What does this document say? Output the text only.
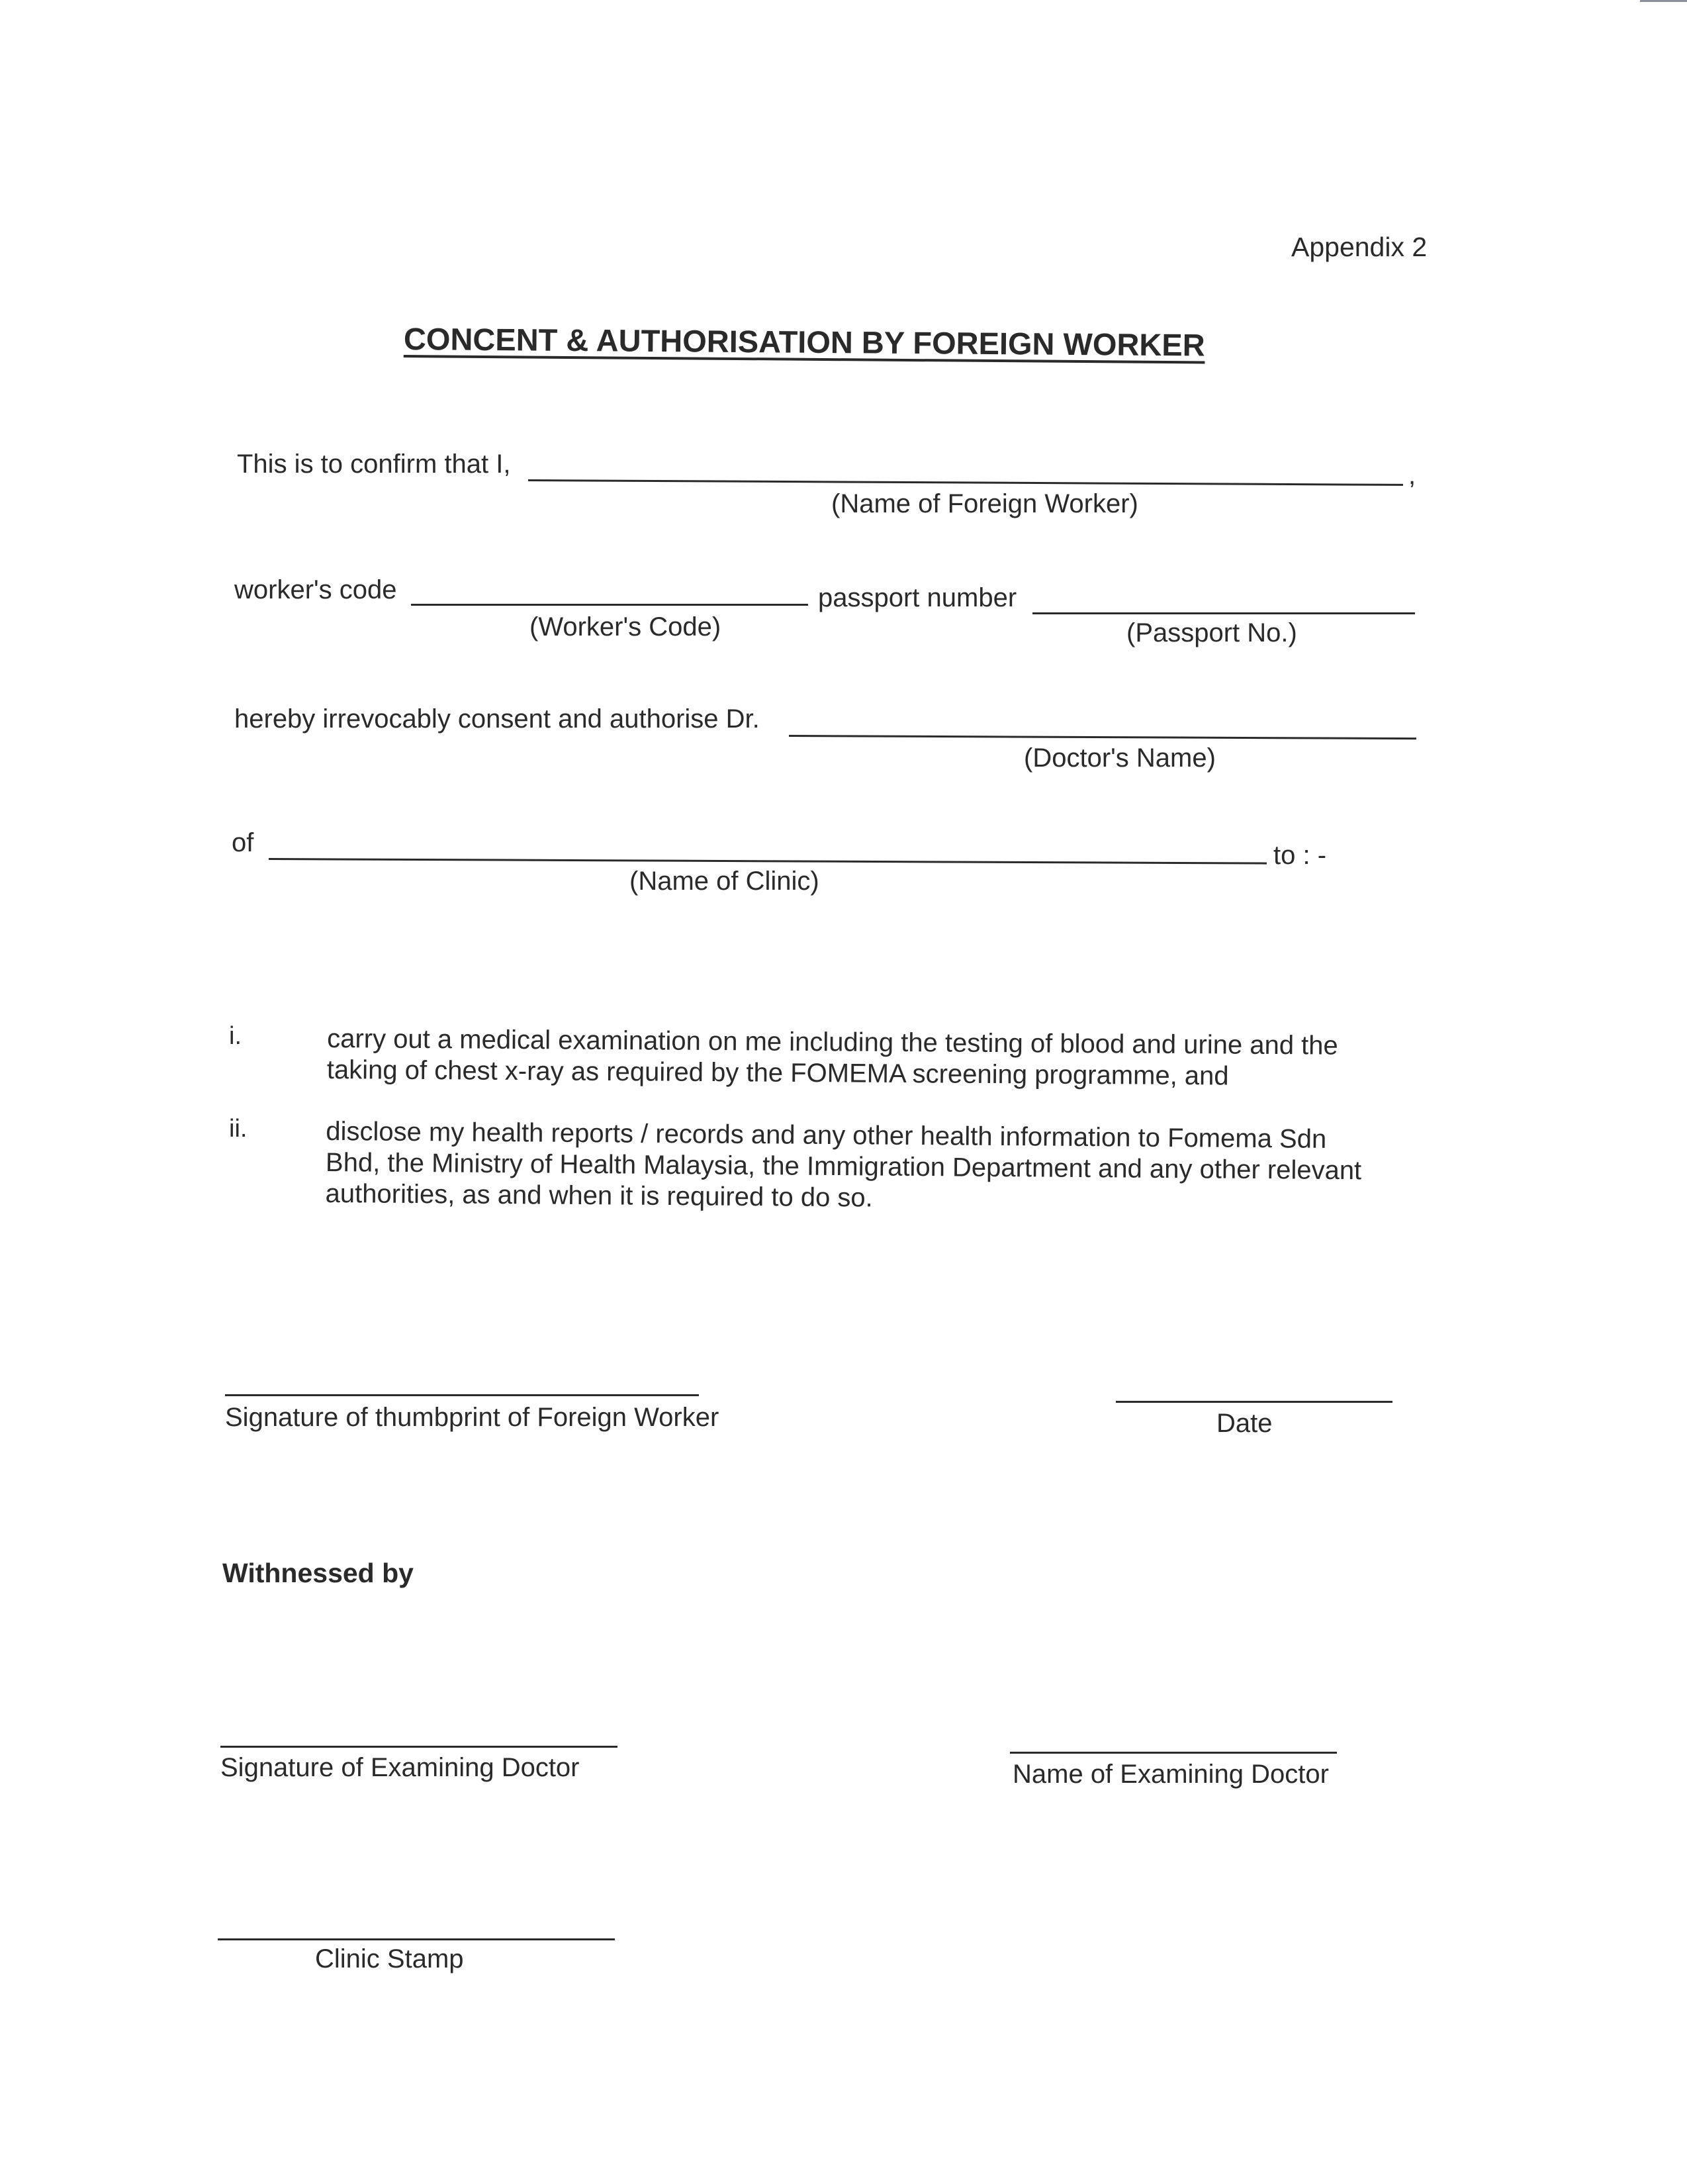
Appendix 2
CONCENT & AUTHORISATION BY FOREIGN WORKER
This is to confirm that I,	,
(Name of Foreign Worker)
worker's code
(Worker's Code)
passport number
(Passport No.)
hereby irrevocably consent and authorise Dr.
(Doctor's Name)
of	to : -
(Name of Clinic)
i.	carry out a medical examination on me including the testing of blood and urine and the
taking of chest x-ray as required by the FOMEMA screening programme, and
ii.	disclose my health reports / records and any other health information to Fomema Sdn
Bhd, the Ministry of Health Malaysia, the Immigration Department and any other relevant
authorities, as and when it is required to do so.
Signature of thumbprint of Foreign Worker	Date
Withnessed by
Signature of Examining Doctor	Name of Examining Doctor
Clinic Stamp
